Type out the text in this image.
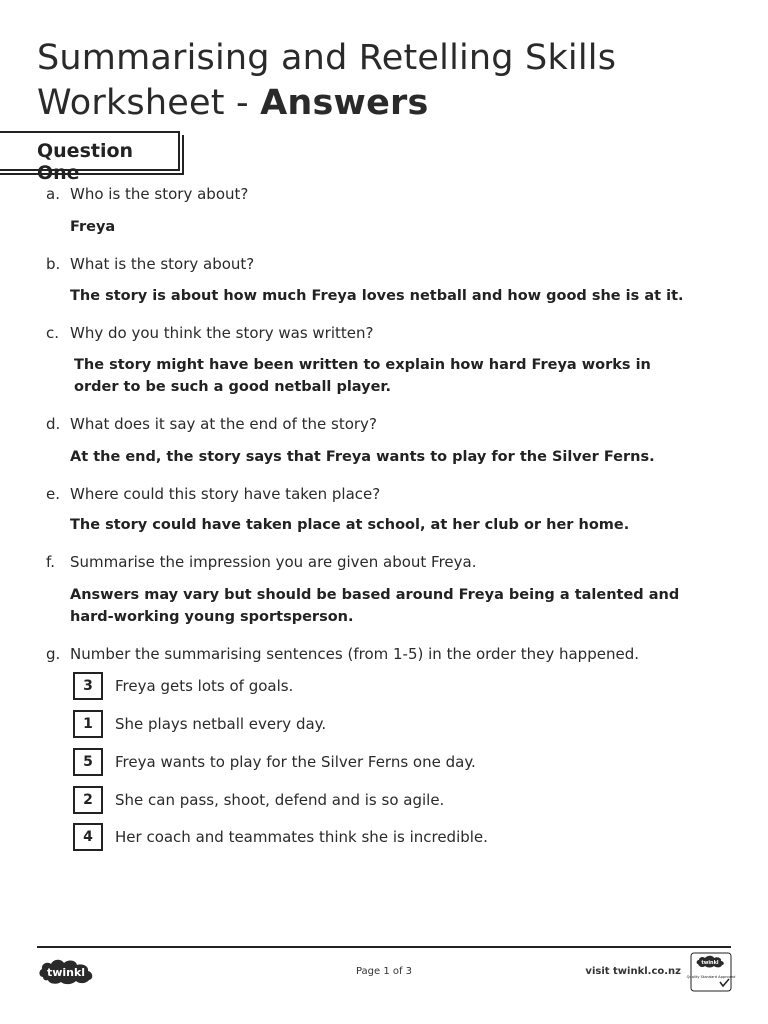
Summarising and Retelling Skills
Worksheet - Answers
Question One
a. Who is the story about?
Freya
b. What is the story about?
The story is about how much Freya loves netball and how good she is at it.
c. Why do you think the story was written?
The story might have been written to explain how hard Freya works in order to be such a good netball player.
d. What does it say at the end of the story?
At the end, the story says that Freya wants to play for the Silver Ferns.
e. Where could this story have taken place?
The story could have taken place at school, at her club or her home.
f. Summarise the impression you are given about Freya.
Answers may vary but should be based around Freya being a talented and hard-working young sportsperson.
g. Number the summarising sentences (from 1-5) in the order they happened.
3	Freya gets lots of goals.
1	She plays netball every day.
5	Freya wants to play for the Silver Ferns one day.
2	She can pass, shoot, defend and is so agile.
4	Her coach and teammates think she is incredible.
twinkl	Page 1 of 3	visit twinkl.co.nz
twinkl
Quality Standard Approved
